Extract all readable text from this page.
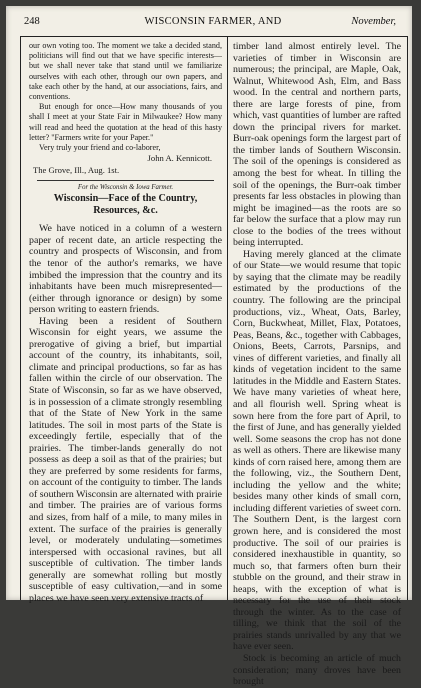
248	WISCONSIN FARMER, AND	November,

our own voting too. The moment we take a decided stand, politicians will find out that we have specific interests—but we shall never take that stand until we familiarize ourselves with each other, through our own papers, and take each other by the hand, at our associations, fairs, and conventions.

But enough for once—How many thousands of you shall I meet at your State Fair in Milwaukee? How many will read and heed the quotation at the head of this hasty letter? "Farmers write for your Paper."

Very truly your friend and co-laborer,

John A. Kennicott.

The Grove, Ill., Aug. 1st.

For the Wisconsin & Iowa Farmer.

Wisconsin—Face of the Country, Resources, &c.

We have noticed in a column of a western paper of recent date, an article respecting the country and prospects of Wisconsin, and from the tenor of the author's remarks, we have imbibed the impression that the country and its inhabitants have been much misrepresented—(either through ignorance or design) by some person writing to eastern friends.

Having been a resident of Southern Wisconsin for eight years, we assume the prerogative of giving a brief, but impartial account of the country, its inhabitants, soil, climate and principal productions, so far as has fallen within the circle of our observation. The State of Wisconsin, so far as we have observed, is in possession of a climate strongly resembling that of the State of New York in the same latitudes. The soil in most parts of the State is exceedingly fertile, especially that of the prairies. The timber-lands generally do not possess as deep a soil as that of the prairies; but they are preferred by some residents for farms, on account of the contiguity to timber. The lands of southern Wisconsin are alternated with prairie and timber. The prairies are of various forms and sizes, from half of a mile, to many miles in extent. The surface of the prairies is generally level, or moderately undulating—sometimes interspersed with occasional ravines, but all susceptible of cultivation. The timber lands generally are somewhat rolling but mostly susceptible of easy cultivation,—and in some places we have seen very extensive tracts of

timber land almost entirely level. The varieties of timber in Wisconsin are numerous; the principal, are Maple, Oak, Walnut, Whitewood Ash, Elm, and Bass wood. In the central and northern parts, there are large forests of pine, from which, vast quantities of lumber are rafted down the principal rivers for market. Burr-oak openings form the largest part of the timber lands of Southern Wisconsin. The soil of the openings is considered as among the best for wheat. In tilling the soil of the openings, the Burr-oak timber presents far less obstacles in plowing than might be imagined—as the roots are so far below the surface that a plow may run close to the bodies of the trees without being interrupted.

Having merely glanced at the climate of our State—we would resume that topic by saying that the climate may be readily estimated by the productions of the country. The following are the principal productions, viz., Wheat, Oats, Barley, Corn, Buckwheat, Millet, Flax, Potatoes, Peas, Beans, &c., together with Cabbages, Onions, Beets, Carrots, Parsnips, and vines of different varieties, and finally all kinds of vegetation incident to the same latitudes in the Middle and Eastern States. We have many varieties of wheat here, and all flourish well. Spring wheat is sown here from the fore part of April, to the first of June, and has generally yielded well. Some seasons the crop has not done as well as others. There are likewise many kinds of corn raised here, among them are the following, viz., the Southern Dent, including the yellow and the white; besides many other kinds of small corn, including different varieties of sweet corn. The Southern Dent, is the largest corn grown here, and is considered the most productive. The soil of our prairies is considered inexhaustible in quantity, so much so, that farmers often burn their stubble on the ground, and their straw in heaps, with the exception of what is necessary for the use of their stock through the winter. As to the case of tilling, we think that the soil of the prairies stands unrivalled by any that we have ever seen.

Stock is becoming an article of much consideration; many droves have been brought
